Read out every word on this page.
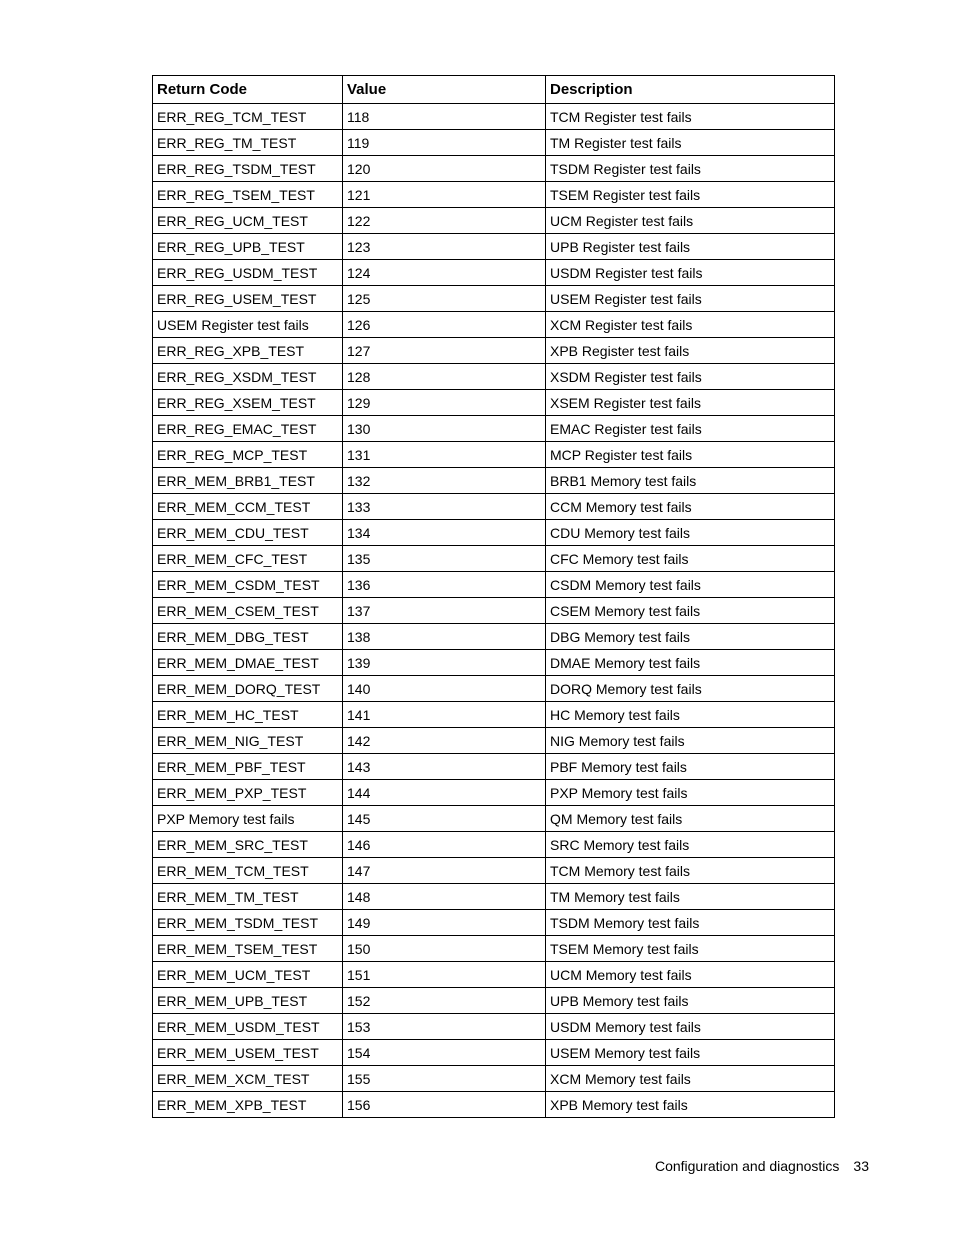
Return Code	Value	Description
ERR_REG_TCM_TEST	118	TCM Register test fails
ERR_REG_TM_TEST	119	TM Register test fails
ERR_REG_TSDM_TEST	120	TSDM Register test fails
ERR_REG_TSEM_TEST	121	TSEM Register test fails
ERR_REG_UCM_TEST	122	UCM Register test fails
ERR_REG_UPB_TEST	123	UPB Register test fails
ERR_REG_USDM_TEST	124	USDM Register test fails
ERR_REG_USEM_TEST	125	USEM Register test fails
USEM Register test fails	126	XCM Register test fails
ERR_REG_XPB_TEST	127	XPB Register test fails
ERR_REG_XSDM_TEST	128	XSDM Register test fails
ERR_REG_XSEM_TEST	129	XSEM Register test fails
ERR_REG_EMAC_TEST	130	EMAC Register test fails
ERR_REG_MCP_TEST	131	MCP Register test fails
ERR_MEM_BRB1_TEST	132	BRB1 Memory test fails
ERR_MEM_CCM_TEST	133	CCM Memory test fails
ERR_MEM_CDU_TEST	134	CDU Memory test fails
ERR_MEM_CFC_TEST	135	CFC Memory test fails
ERR_MEM_CSDM_TEST	136	CSDM Memory test fails
ERR_MEM_CSEM_TEST	137	CSEM Memory test fails
ERR_MEM_DBG_TEST	138	DBG Memory test fails
ERR_MEM_DMAE_TEST	139	DMAE Memory test fails
ERR_MEM_DORQ_TEST	140	DORQ Memory test fails
ERR_MEM_HC_TEST	141	HC Memory test fails
ERR_MEM_NIG_TEST	142	NIG Memory test fails
ERR_MEM_PBF_TEST	143	PBF Memory test fails
ERR_MEM_PXP_TEST	144	PXP Memory test fails
PXP Memory test fails	145	QM Memory test fails
ERR_MEM_SRC_TEST	146	SRC Memory test fails
ERR_MEM_TCM_TEST	147	TCM Memory test fails
ERR_MEM_TM_TEST	148	TM Memory test fails
ERR_MEM_TSDM_TEST	149	TSDM Memory test fails
ERR_MEM_TSEM_TEST	150	TSEM Memory test fails
ERR_MEM_UCM_TEST	151	UCM Memory test fails
ERR_MEM_UPB_TEST	152	UPB Memory test fails
ERR_MEM_USDM_TEST	153	USDM Memory test fails
ERR_MEM_USEM_TEST	154	USEM Memory test fails
ERR_MEM_XCM_TEST	155	XCM Memory test fails
ERR_MEM_XPB_TEST	156	XPB Memory test fails
Configuration and diagnostics 33
